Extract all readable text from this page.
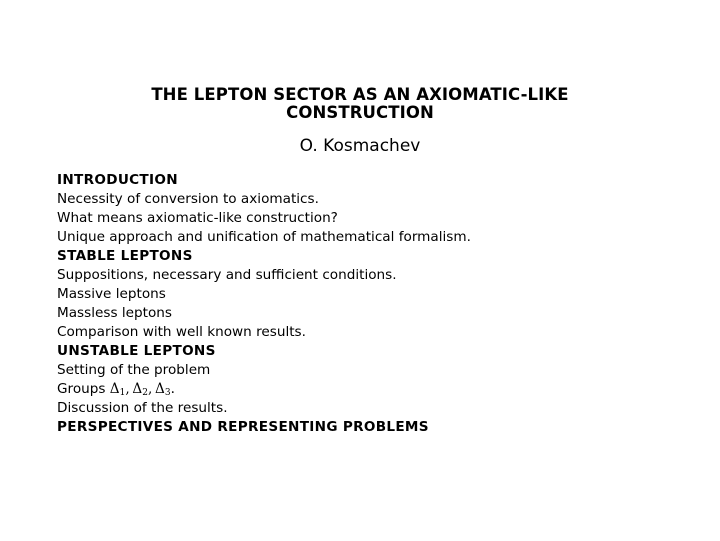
THE LEPTON SECTOR AS AN AXIOMATIC-LIKE
CONSTRUCTION
O. Kosmachev
INTRODUCTION
Necessity of conversion to axiomatics.
What means axiomatic-like construction?
Unique approach and unification of mathematical formalism.
STABLE LEPTONS
Suppositions, necessary and sufficient conditions.
Massive leptons
Massless leptons
Comparison with well known results.
UNSTABLE LEPTONS
Setting of the problem
Groups $\Delta_1$, $\Delta_2$, $\Delta_3$.
Discussion of the results.
PERSPECTIVES AND REPRESENTING PROBLEMS
